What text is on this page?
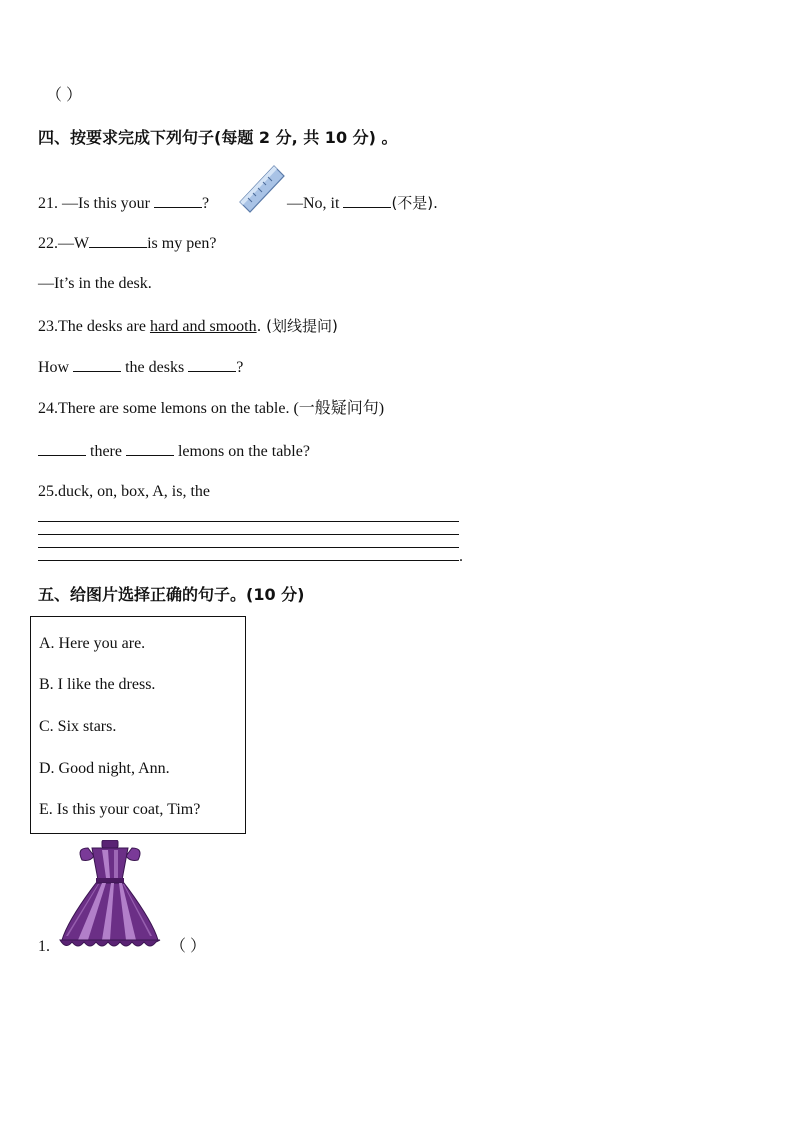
（ ）
四、按要求完成下列句子(每题 2 分, 共 10 分) 。
21. —Is this your	?	—No, it	(不是).
22.—W	is my pen?
—It’s in the desk.
23.The desks are hard and smooth. (划线提问)
How	the desks	?
24.There are some lemons on the table. (一般疑问句)
there	lemons on the table?
25.duck, on, box, A, is, the
.
五、给图片选择正确的句子。(10 分)
A. Here you are.
B. I like the dress.
C. Six stars.
D. Good night, Ann.
E. Is this your coat, Tim?
1.	（ ）
